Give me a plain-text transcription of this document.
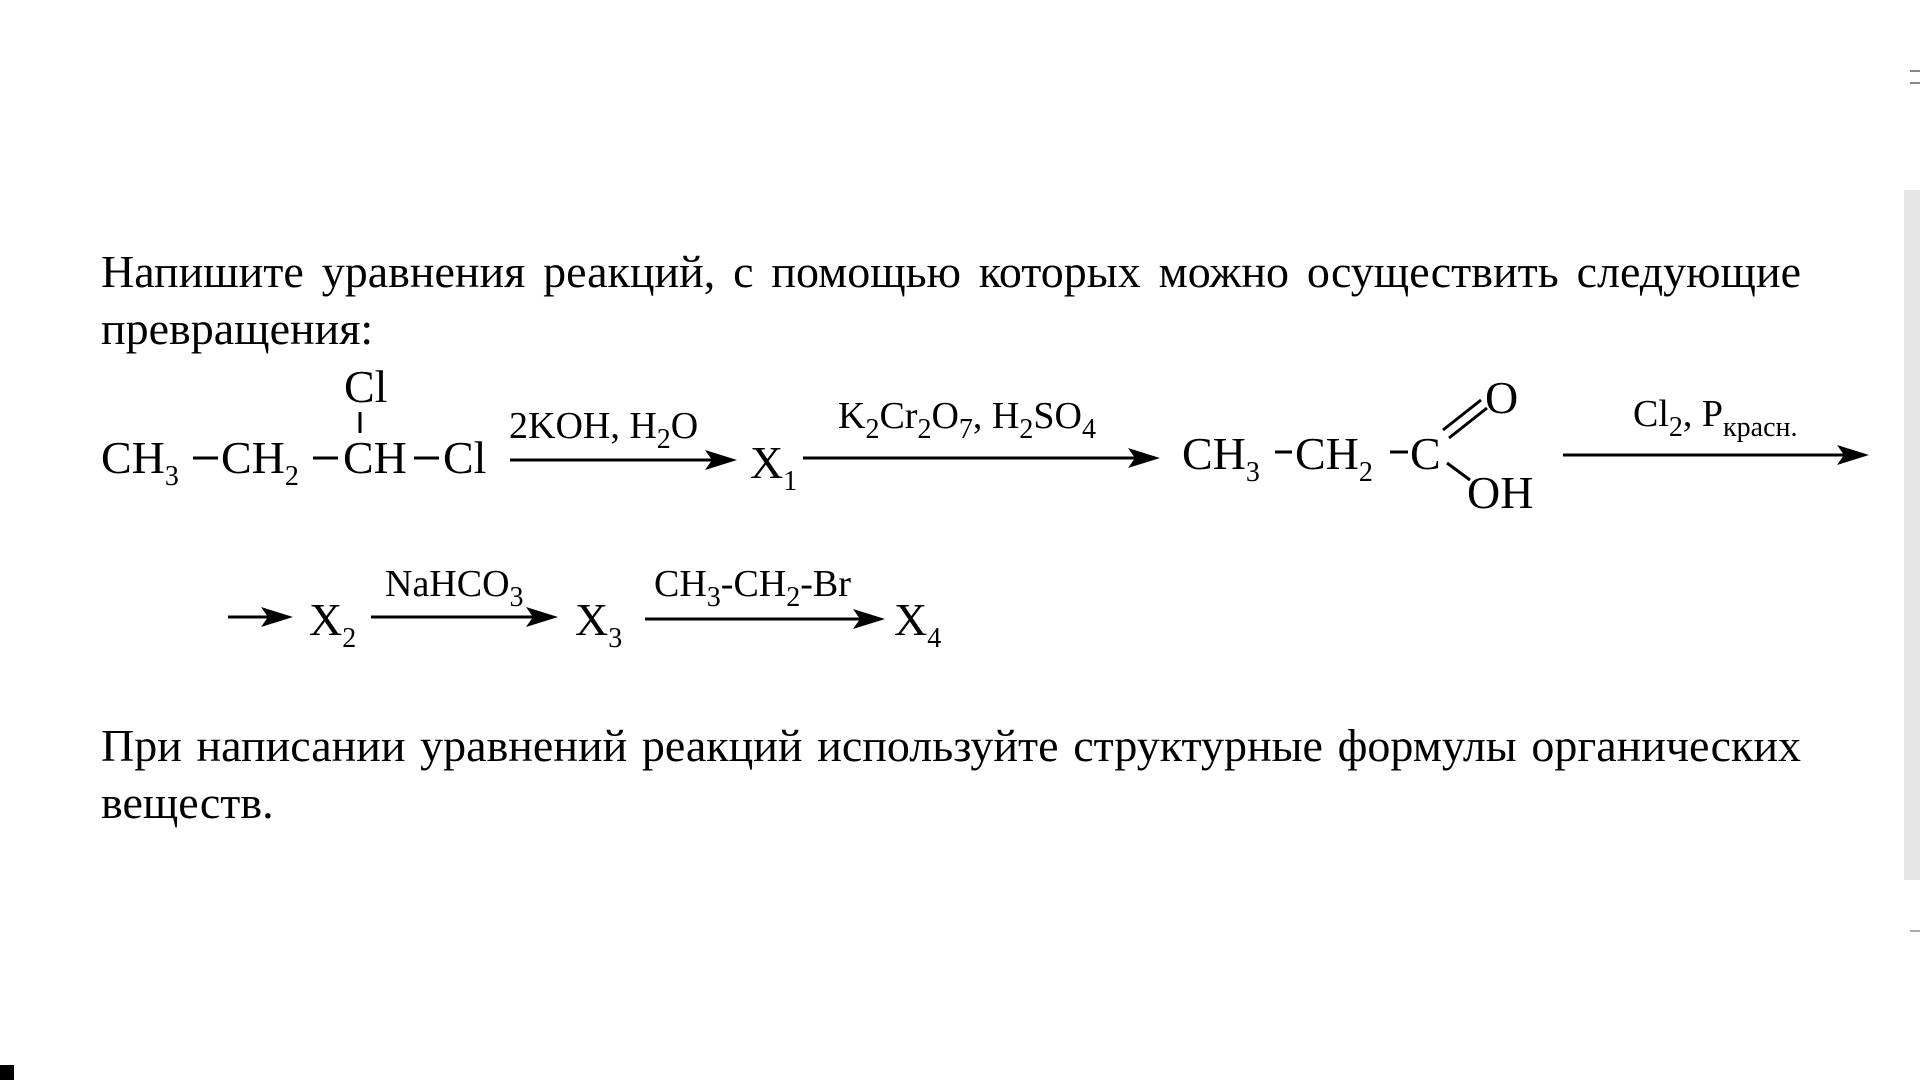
Напишите уравнения реакций, с помощью которых можно осуществить следующие превращения:

$CH_3$ $CH_2$ CH Cl
Cl
2KOH, $H_2O$
$X_1$
$K_2Cr_2O_7$, $H_2SO_4$ $CH_3$ $CH_2$ C
O
OH
$Cl_2$, $P_{красн.}$
$X_2$
NaHCO$_3$ $X_3$
$CH_3-CH_2-Br$
$X_4$

При написании уравнений реакций используйте структурные формулы органических веществ.
